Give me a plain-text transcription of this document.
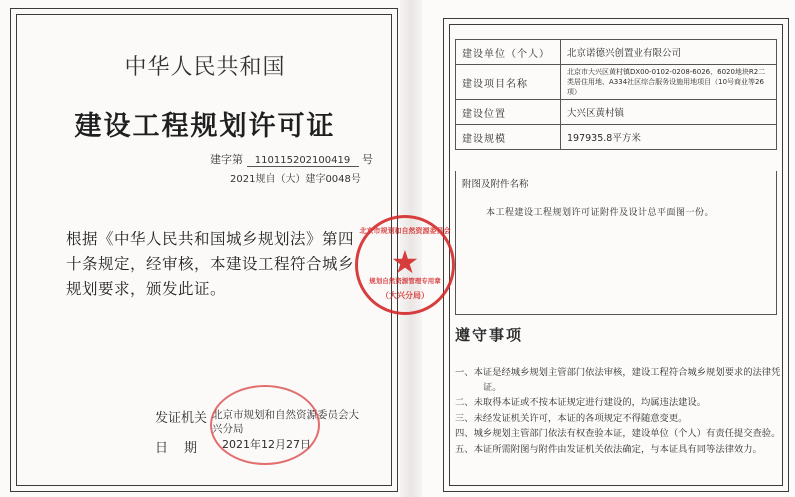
中华人民共和国
建设工程规划许可证
建字第 110115202100419 号
2021规自（大）建字0048号
根据《中华人民共和国城乡规划法》第四十条规定，经审核，本建设工程符合城乡规划要求，颁发此证。
发证机关 北京市规划和自然资源委员会大兴分局
日期 2021年12月27日
建设单位（个人）	北京诺德兴创置业有限公司
建设项目名称	北京市大兴区黄村镇DX00-0102-0208-6026、6020地块R2二类居住用地、A334社区综合服务设施用地项目（10号商业等26项）
建设位置	大兴区黄村镇
建设规模	197935.8平方米
附图及附件名称
本工程建设工程规划许可证附件及设计总平面图一份。
遵守事项
一、本证是经城乡规划主管部门依法审核，建设工程符合城乡规划要求的法律凭证。
二、未取得本证或不按本证规定进行建设的，均属违法建设。
三、未经发证机关许可，本证的各项规定不得随意变更。
四、城乡规划主管部门依法有权查验本证，建设单位（个人）有责任提交查验。
五、本证所需附图与附件由发证机关依法确定，与本证具有同等法律效力。
★
北京市规划和自然资源委员会
规划自然资源管理专用章
（大兴分局）
